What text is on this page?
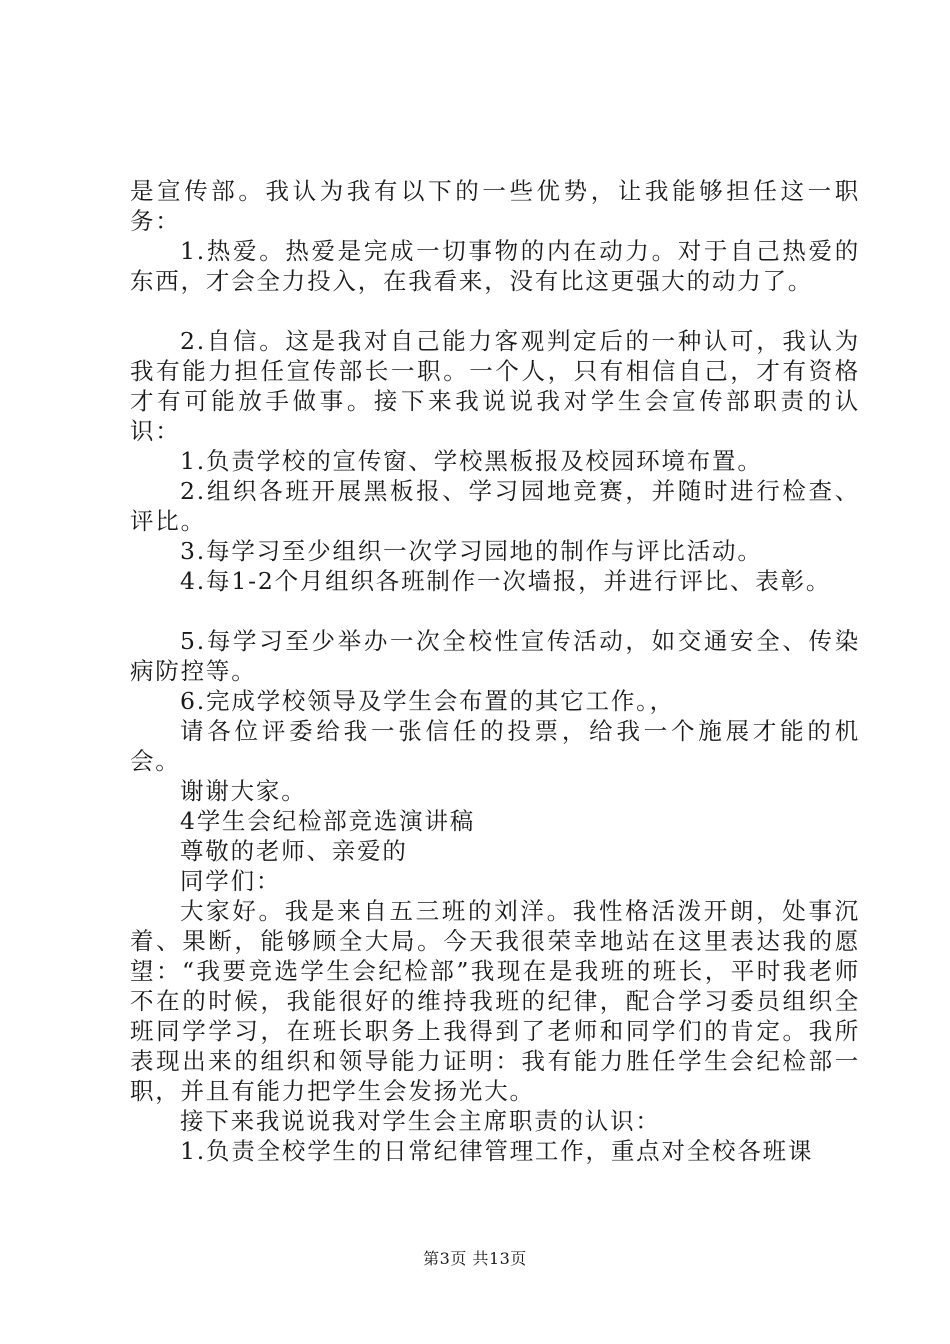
是宣传部。我认为我有以下的一些优势，让我能够担任这一职务：

1.热爱。热爱是完成一切事物的内在动力。对于自己热爱的东西，才会全力投入，在我看来，没有比这更强大的动力了。

2.自信。这是我对自己能力客观判定后的一种认可，我认为我有能力担任宣传部长一职。一个人，只有相信自己，才有资格才有可能放手做事。接下来我说说我对学生会宣传部职责的认识：

1.负责学校的宣传窗、学校黑板报及校园环境布置。

2.组织各班开展黑板报、学习园地竞赛，并随时进行检查、评比。

3.每学习至少组织一次学习园地的制作与评比活动。

4.每1-2个月组织各班制作一次墙报，并进行评比、表彰。

5.每学习至少举办一次全校性宣传活动，如交通安全、传染病防控等。

6.完成学校领导及学生会布置的其它工作。，

请各位评委给我一张信任的投票，给我一个施展才能的机会。

谢谢大家。

4学生会纪检部竞选演讲稿

尊敬的老师、亲爱的

同学们：

大家好。我是来自五三班的刘洋。我性格活泼开朗，处事沉着、果断，能够顾全大局。今天我很荣幸地站在这里表达我的愿望：“我要竞选学生会纪检部”我现在是我班的班长，平时我老师不在的时候，我能很好的维持我班的纪律，配合学习委员组织全班同学学习，在班长职务上我得到了老师和同学们的肯定。我所表现出来的组织和领导能力证明：我有能力胜任学生会纪检部一职，并且有能力把学生会发扬光大。

接下来我说说我对学生会主席职责的认识：

1.负责全校学生的日常纪律管理工作，重点对全校各班课

第3页 共13页
